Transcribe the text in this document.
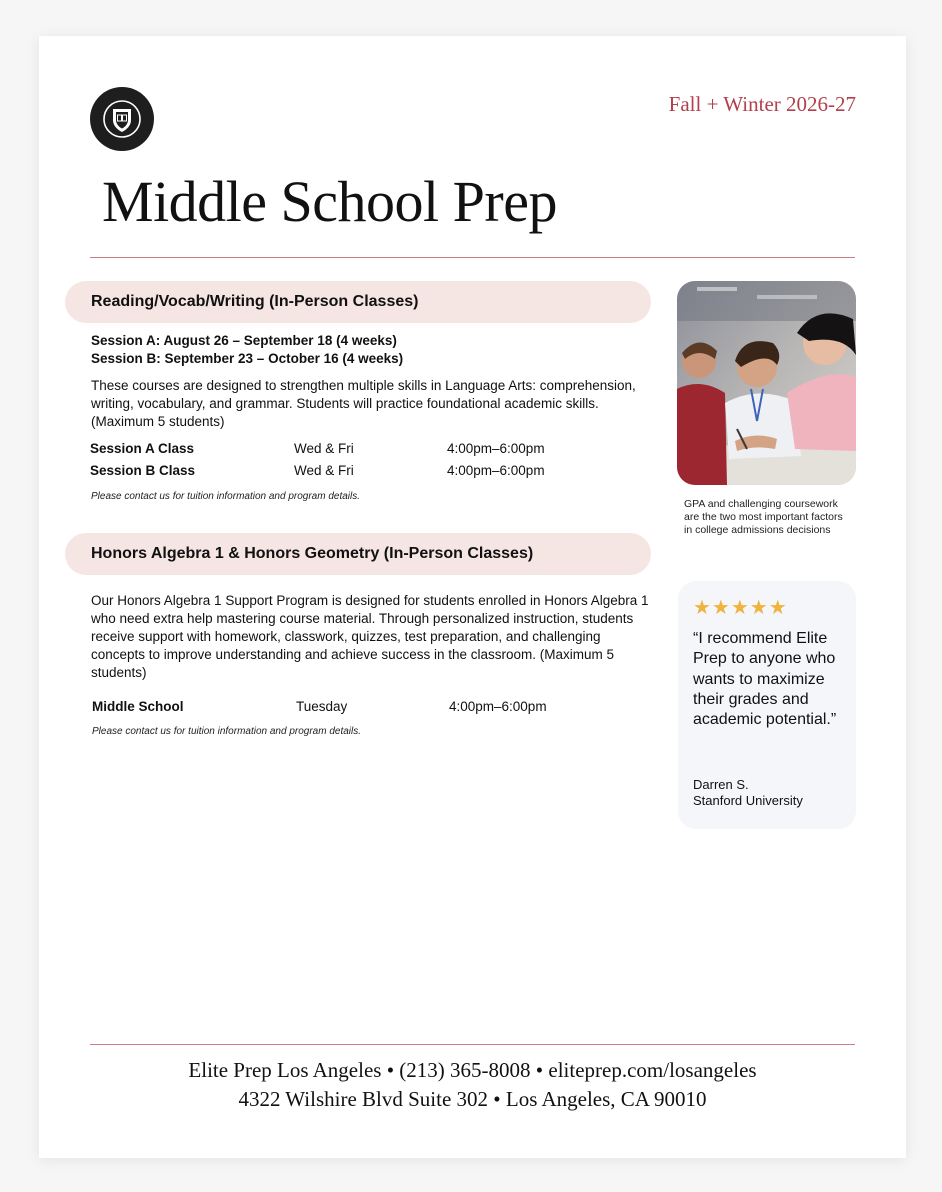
Fall + Winter 2026-27
Middle School Prep
Reading/Vocab/Writing (In-Person Classes)
Session A: August 26 – September 18 (4 weeks)
Session B: September 23 – October 16 (4 weeks)

These courses are designed to strengthen multiple skills in Language Arts: comprehension, writing, vocabulary, and grammar. Students will practice foundational academic skills. (Maximum 5 students)

Session A Class	Wed & Fri	4:00pm–6:00pm
Session B Class	Wed & Fri	4:00pm–6:00pm
Please contact us for tuition information and program details.
Honors Algebra 1 & Honors Geometry (In-Person Classes)

Our Honors Algebra 1 Support Program is designed for students enrolled in Honors Algebra 1 who need extra help mastering course material. Through personalized instruction, students receive support with homework, classwork, quizzes, test preparation, and challenging concepts to improve understanding and achieve success in the classroom. (Maximum 5 students)

Middle School	Tuesday	4:00pm–6:00pm
Please contact us for tuition information and program details.

GPA and challenging coursework are the two most important factors in college admissions decisions

★★★★★

“I recommend Elite Prep to anyone who wants to maximize their grades and academic potential.”

Darren S.
Stanford University
Elite Prep Los Angeles • (213) 365-8008 • eliteprep.com/losangeles
4322 Wilshire Blvd Suite 302 • Los Angeles, CA 90010
